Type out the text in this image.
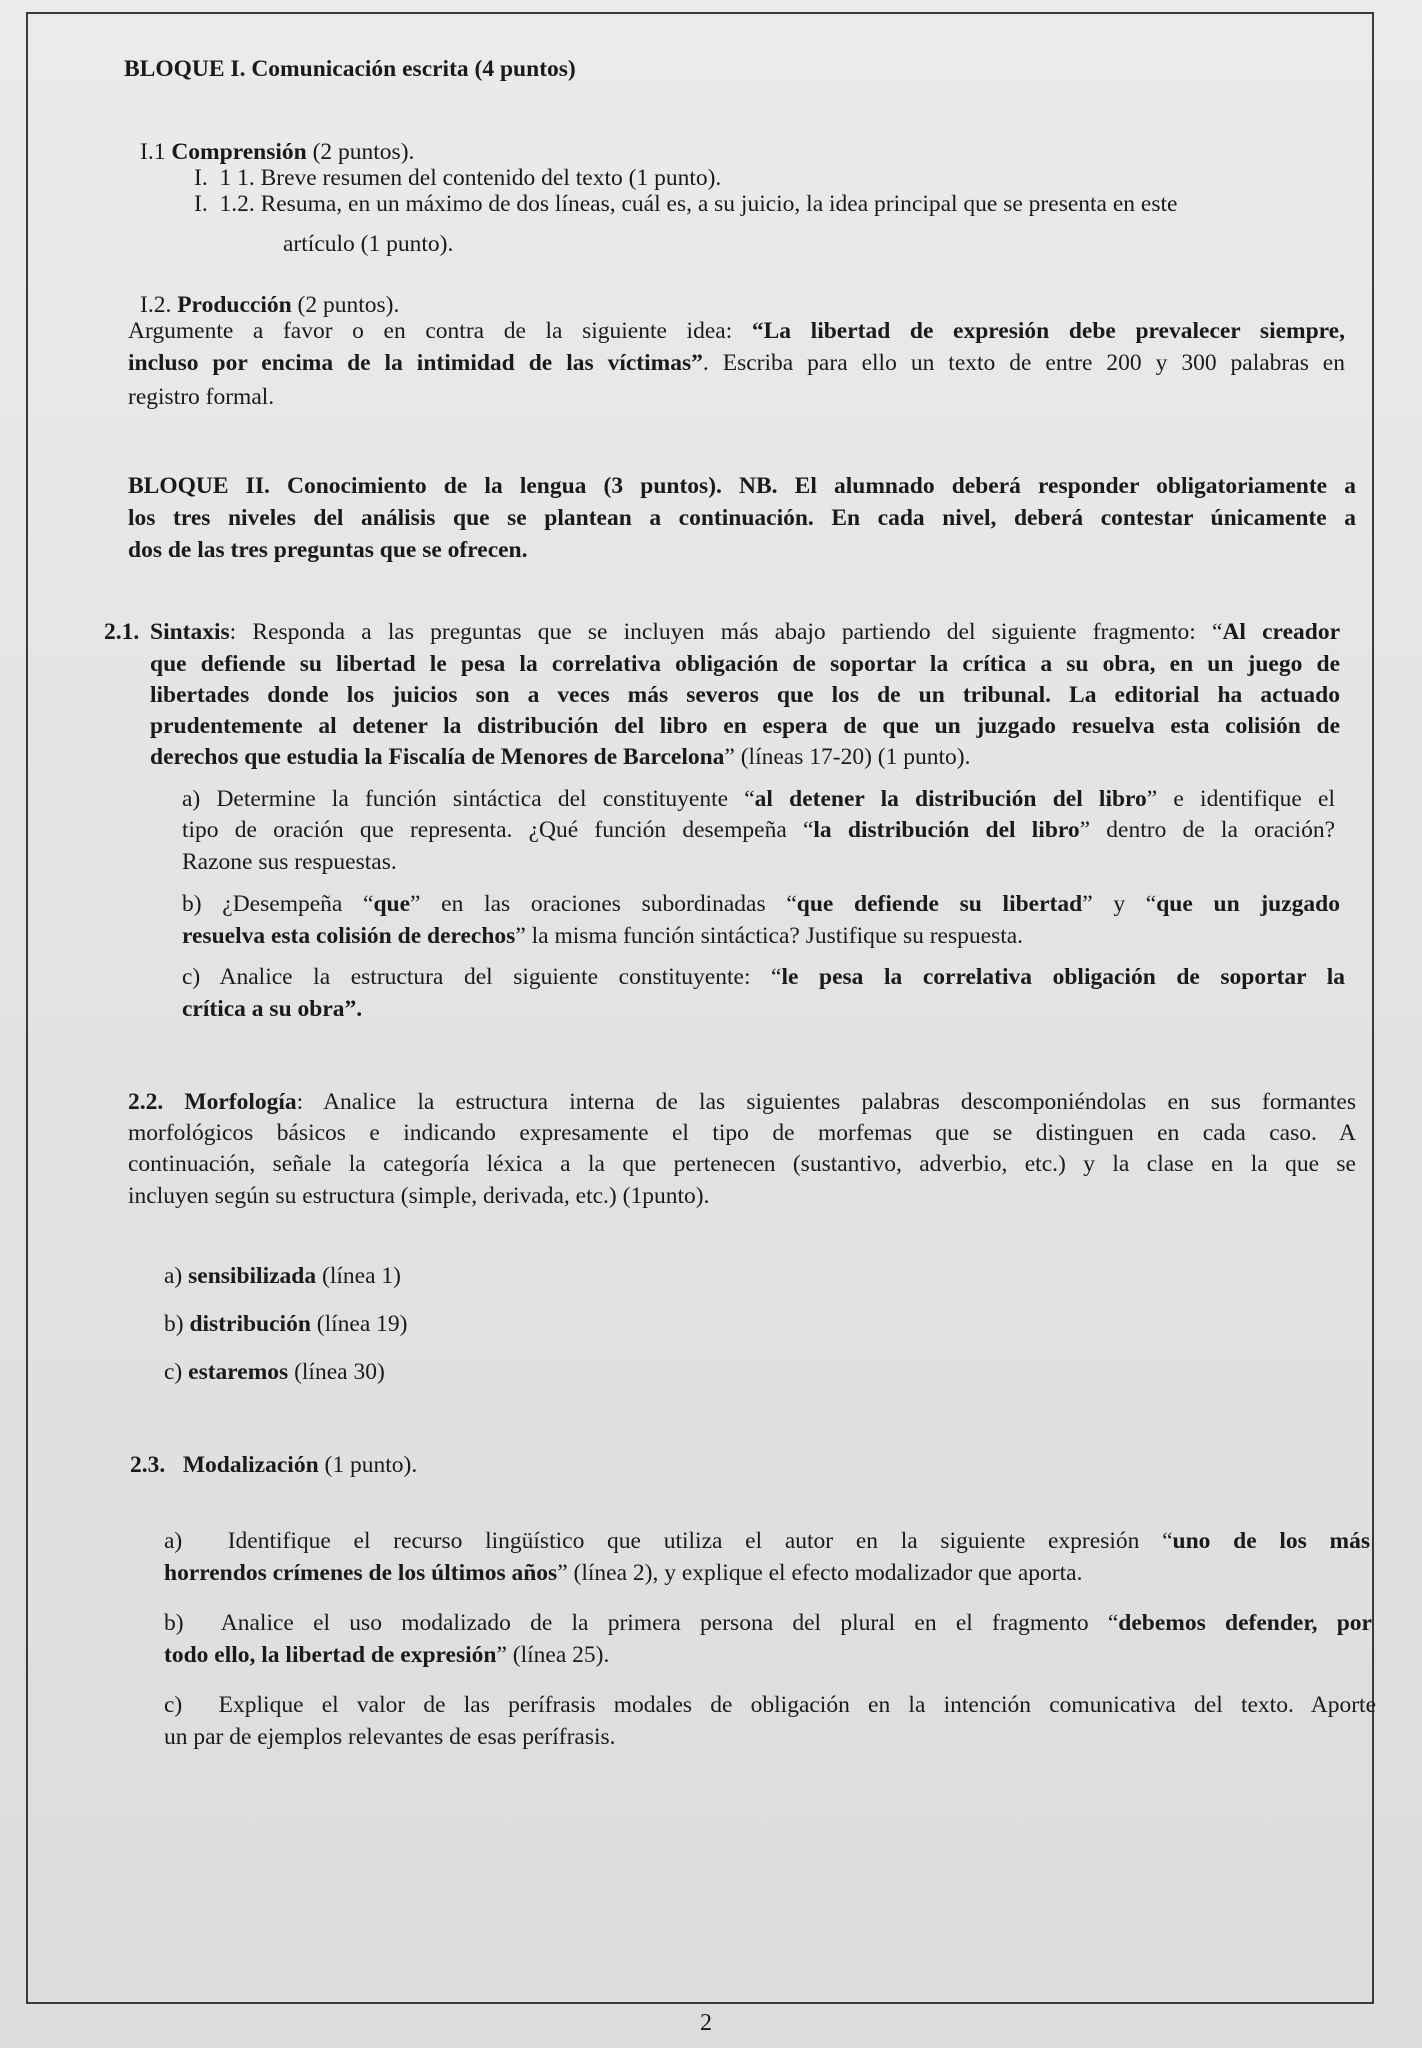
BLOQUE I. Comunicación escrita (4 puntos)
I.1 Comprensión (2 puntos).
I.  1 1. Breve resumen del contenido del texto (1 punto).
I.  1.2. Resuma, en un máximo de dos líneas, cuál es, a su juicio, la idea principal que se presenta en este
artículo (1 punto).
I.2. Producción (2 puntos).
Argumente a favor o en contra de la siguiente idea: “La libertad de expresión debe prevalecer siempre,
incluso por encima de la intimidad de las víctimas”. Escriba para ello un texto de entre 200 y 300 palabras en
registro formal.
BLOQUE II. Conocimiento de la lengua (3 puntos). NB. El alumnado deberá responder obligatoriamente a
los tres niveles del análisis que se plantean a continuación. En cada nivel, deberá contestar únicamente a
dos de las tres preguntas que se ofrecen.
2.1. Sintaxis: Responda a las preguntas que se incluyen más abajo partiendo del siguiente fragmento: “Al creador
que defiende su libertad le pesa la correlativa obligación de soportar la crítica a su obra, en un juego de
libertades donde los juicios son a veces más severos que los de un tribunal. La editorial ha actuado
prudentemente al detener la distribución del libro en espera de que un juzgado resuelva esta colisión de
derechos que estudia la Fiscalía de Menores de Barcelona” (líneas 17-20) (1 punto).
a) Determine la función sintáctica del constituyente “al detener la distribución del libro” e identifique el
tipo de oración que representa. ¿Qué función desempeña “la distribución del libro” dentro de la oración?
Razone sus respuestas.
b) ¿Desempeña “que” en las oraciones subordinadas “que defiende su libertad” y “que un juzgado
resuelva esta colisión de derechos” la misma función sintáctica? Justifique su respuesta.
c) Analice la estructura del siguiente constituyente: “le pesa la correlativa obligación de soportar la
crítica a su obra”.
2.2. Morfología: Analice la estructura interna de las siguientes palabras descomponiéndolas en sus formantes
morfológicos básicos e indicando expresamente el tipo de morfemas que se distinguen en cada caso. A
continuación, señale la categoría léxica a la que pertenecen (sustantivo, adverbio, etc.) y la clase en la que se
incluyen según su estructura (simple, derivada, etc.) (1punto).
a) sensibilizada (línea 1)
b) distribución (línea 19)
c) estaremos (línea 30)
2.3. Modalización (1 punto).
a)  Identifique el recurso lingüístico que utiliza el autor en la siguiente expresión “uno de los más
horrendos crímenes de los últimos años” (línea 2), y explique el efecto modalizador que aporta.
b)  Analice el uso modalizado de la primera persona del plural en el fragmento “debemos defender, por
todo ello, la libertad de expresión” (línea 25).
c)  Explique el valor de las perífrasis modales de obligación en la intención comunicativa del texto. Aporte
un par de ejemplos relevantes de esas perífrasis.
2
